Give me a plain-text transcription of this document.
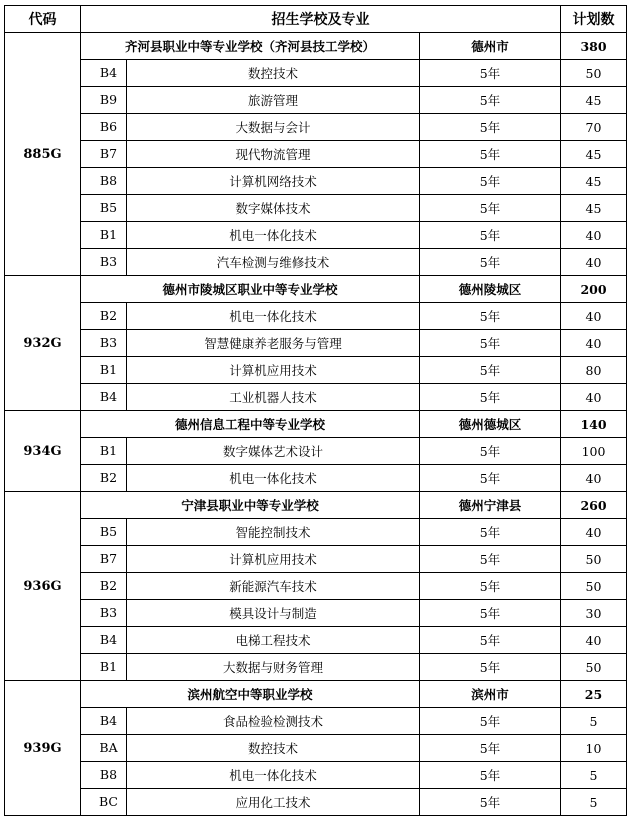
代码	招生学校及专业		计划数
885G	齐河县职业中等专业学校（齐河县技工学校）	德州市	380

	B4 数控技术	5年	50

	B9 旅游管理	5年	45

	B6 大数据与会计	5年	70

	B7 现代物流管理	5年	45

	B8 计算机网络技术	5年	45

	B5 数字媒体技术	5年	45

	B1 机电一体化技术	5年	40

	B3 汽车检测与维修技术	5年	40
932G	德州市陵城区职业中等专业学校	德州陵城区	200

	B2 机电一体化技术	5年	40

	B3 智慧健康养老服务与管理	5年	40

	B1 计算机应用技术	5年	80

	B4 工业机器人技术	5年	40
934G	德州信息工程中等专业学校	德州德城区	140

	B1 数字媒体艺术设计	5年	100

	B2 机电一体化技术	5年	40
936G	宁津县职业中等专业学校	德州宁津县	260

	B5 智能控制技术	5年	40

	B7 计算机应用技术	5年	50

	B2 新能源汽车技术	5年	50

	B3 模具设计与制造	5年	30

	B4 电梯工程技术	5年	40

	B1 大数据与财务管理	5年	50
939G	滨州航空中等职业学校	滨州市	25

	B4 食品检验检测技术	5年	5

	BA 数控技术	5年	10

	B8 机电一体化技术	5年	5

	BC 应用化工技术	5年	5
